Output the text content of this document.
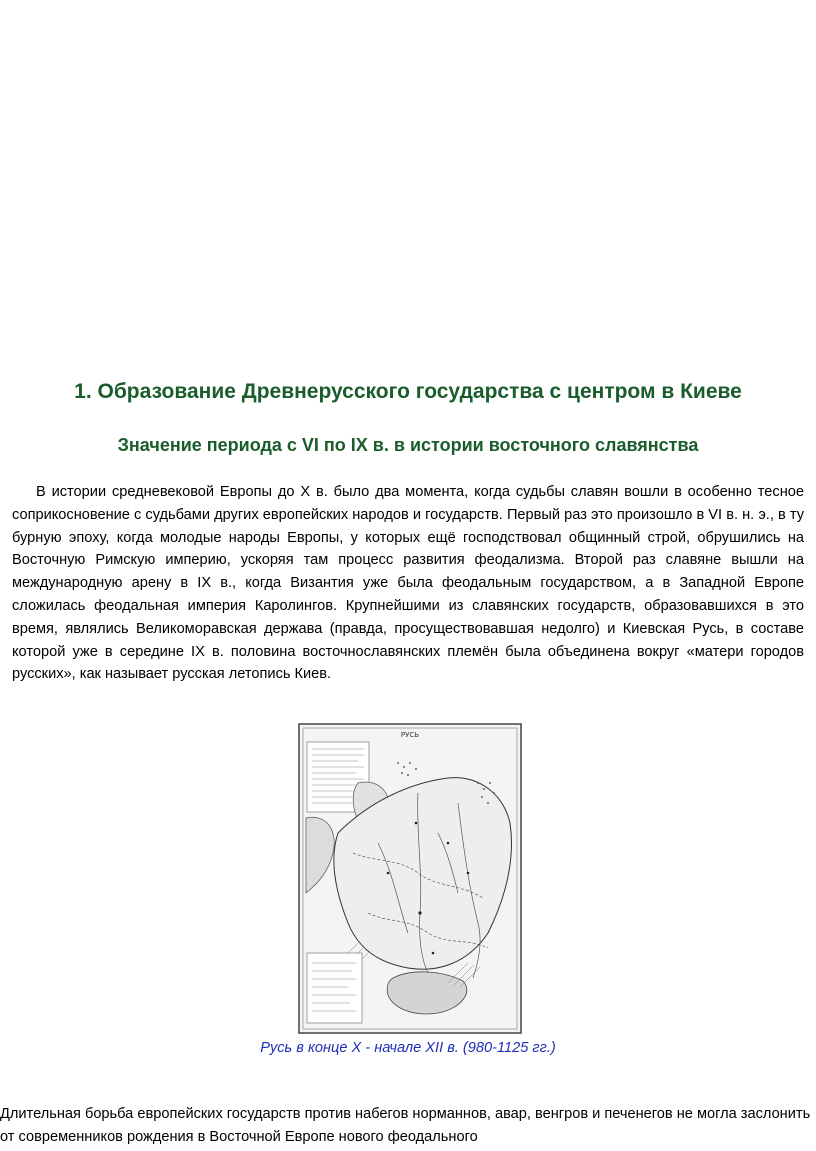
1. Образование Древнерусского государства с центром в Киеве
Значение периода с VI по IX в. в истории восточного славянства

В истории средневековой Европы до X в. было два момента, когда судьбы славян вошли в особенно тесное соприкосновение с судьбами других европейских народов и государств. Первый раз это произошло в VI в. н. э., в ту бурную эпоху, когда молодые народы Европы, у которых ещё господствовал общинный строй, обрушились на Восточную Римскую империю, ускоряя там процесс развития феодализма. Второй раз славяне вышли на международную арену в IX в., когда Византия уже была феодальным государством, а в Западной Европе сложилась феодальная империя Каролингов. Крупнейшими из славянских государств, образовавшихся в это время, являлись Великоморавская держава (правда, просуществовавшая недолго) и Киевская Русь, в составе которой уже в середине IX в. половина восточнославянских племён была объединена вокруг «матери городов русских», как называет русская летопись Киев.

РУСЬ

Русь в конце X - начале XII в. (980-1125 гг.)

Длительная борьба европейских государств против набегов норманнов, авар, венгров и печенегов не могла заслонить от современников рождения в Восточной Европе нового феодального
